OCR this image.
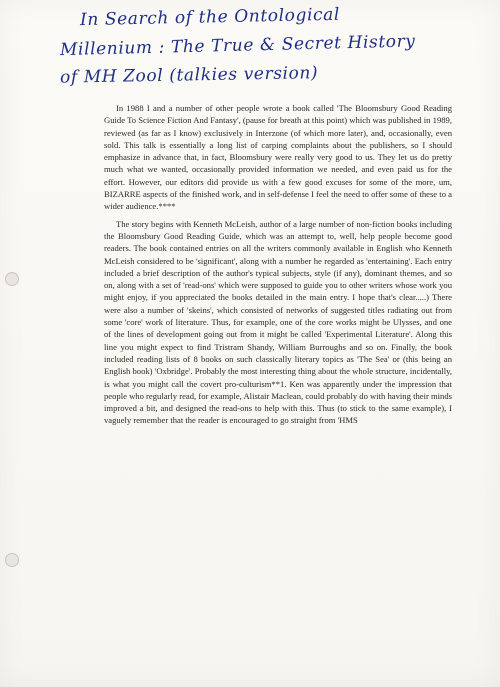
In Search of the Ontological
Millenium : The True & Secret History
of MH Zool (talkies version)

In 1988 I and a number of other people wrote a book called 'The Bloomsbury Good Reading Guide To Science Fiction And Fantasy', (pause for breath at this point) which was published in 1989, reviewed (as far as I know) exclusively in Interzone (of which more later), and, occasionally, even sold. This talk is essentially a long list of carping complaints about the publishers, so I should emphasize in advance that, in fact, Bloomsbury were really very good to us. They let us do pretty much what we wanted, occasionally provided information we needed, and even paid us for the effort. However, our editors did provide us with a few good excuses for some of the more, um, BIZARRE aspects of the finished work, and in self-defense I feel the need to offer some of these to a wider audience.****

The story begins with Kenneth McLeish, author of a large number of non-fiction books including the Bloomsbury Good Reading Guide, which was an attempt to, well, help people become good readers. The book contained entries on all the writers commonly available in English who Kenneth McLeish considered to be 'significant', along with a number he regarded as 'entertaining'. Each entry included a brief description of the author's typical subjects, style (if any), dominant themes, and so on, along with a set of 'read-ons' which were supposed to guide you to other writers whose work you might enjoy, if you appreciated the books detailed in the main entry. I hope that's clear.....) There were also a number of 'skeins', which consisted of networks of suggested titles radiating out from some 'core' work of literature. Thus, for example, one of the core works might be Ulysses, and one of the lines of development going out from it might be called 'Experimental Literature'. Along this line you might expect to find Tristram Shandy, William Burroughs and so on. Finally, the book included reading lists of 8 books on such classically literary topics as 'The Sea' or (this being an English book) 'Oxbridge'. Probably the most interesting thing about the whole structure, incidentally, is what you might call the covert pro-culturism**1. Ken was apparently under the impression that people who regularly read, for example, Alistair Maclean, could probably do with having their minds improved a bit, and designed the read-ons to help with this. Thus (to stick to the same example), I vaguely remember that the reader is encouraged to go straight from 'HMS
